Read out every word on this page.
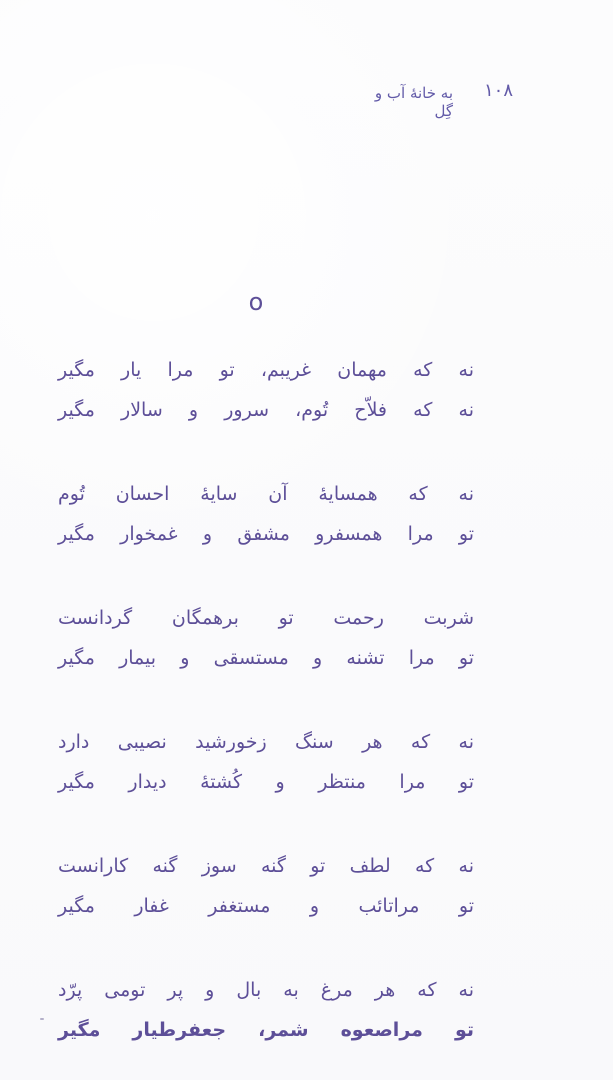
به خانهٔ آب و گِل
۱۰۸
o
نه که مهمان غریبم، تو مرا یار مگیر
نه که فلاّح تُوم، سرور و سالار مگیر
نه که همسایهٔ آن سایهٔ احسان تُوم
تو مرا همسفرو مشفق و غمخوار مگیر
شربت رحمت تو برهمگان گردانست
تو مرا تشنه و مستسقی و بیمار مگیر
نه که هر سنگ زخورشید نصیبی دارد
تو مرا منتظر و کُشتهٔ دیدار مگیر
نه که لطف تو گنه سوز گنه کارانست
تو مراتائب و مستغفر غفار مگیر
نه که هر مرغ به بال و پر تومی پرّد
تو مراصعوه شمر، جعفرطیار مگیر
